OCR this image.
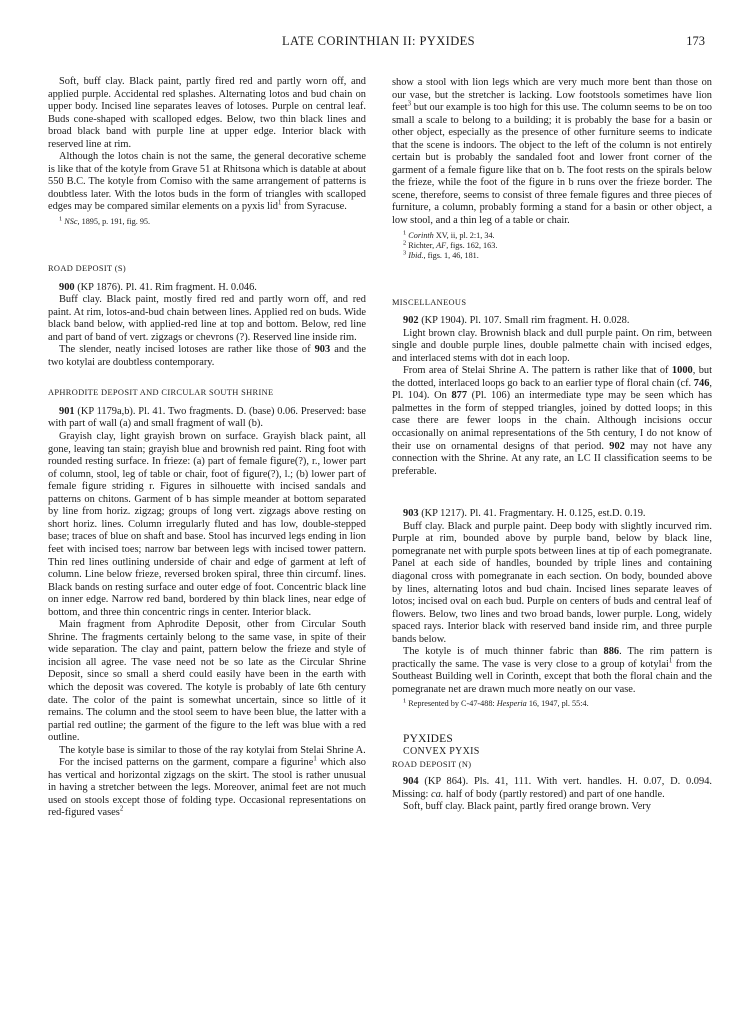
LATE CORINTHIAN II: PYXIDES	173

Soft, buff clay. Black paint, partly fired red and partly worn off, and applied purple. Accidental red splashes. Alternating lotos and bud chain on upper body. Incised line separates leaves of lotoses. Purple on central leaf. Buds cone-shaped with scalloped edges. Below, two thin black lines and broad black band with purple line at upper edge. Interior black with reserved line at rim.

Although the lotos chain is not the same, the general decorative scheme is like that of the kotyle from Grave 51 at Rhitsona which is datable at about 550 B.C. The kotyle from Comiso with the same arrangement of patterns is doubtless later. With the lotos buds in the form of triangles with scalloped edges may be compared similar elements on a pyxis lid$^1$ from Syracuse.

$^1$ NSc, 1895, p. 191, fig. 95.

ROAD DEPOSIT (S)

900 (KP 1876). Pl. 41. Rim fragment. H. 0.046.

Buff clay. Black paint, mostly fired red and partly worn off, and red paint. At rim, lotos-and-bud chain between lines. Applied red on buds. Wide black band below, with applied-red line at top and bottom. Below, red line and part of band of vert. zigzags or chevrons (?). Reserved line inside rim.

The slender, neatly incised lotoses are rather like those of 903 and the two kotylai are doubtless contemporary.

APHRODITE DEPOSIT AND CIRCULAR SOUTH SHRINE

901 (KP 1179a,b). Pl. 41. Two fragments. D. (base) 0.06. Preserved: base with part of wall (a) and small fragment of wall (b).

Grayish clay, light grayish brown on surface. Grayish black paint, all gone, leaving tan stain; grayish blue and brownish red paint. Ring foot with rounded resting surface. In frieze: (a) part of female figure(?), r., lower part of column, stool, leg of table or chair, foot of figure(?), l.; (b) lower part of female figure striding r. Figures in silhouette with incised sandals and patterns on chitons. Garment of b has simple meander at bottom separated by line from horiz. zigzag; groups of long vert. zigzags above resting on short horiz. lines. Column irregularly fluted and has low, double-stepped base; traces of blue on shaft and base. Stool has incurved legs ending in lion feet with incised toes; narrow bar between legs with incised tower pattern. Thin red lines outlining underside of chair and edge of garment at left of column. Line below frieze, reversed broken spiral, three thin circumf. lines. Black bands on resting surface and outer edge of foot. Concentric black line on inner edge. Narrow red band, bordered by thin black lines, near edge of bottom, and three thin concentric rings in center. Interior black.

Main fragment from Aphrodite Deposit, other from Circular South Shrine. The fragments certainly belong to the same vase, in spite of their wide separation. The clay and paint, pattern below the frieze and style of incision all agree. The vase need not be so late as the Circular Shrine Deposit, since so small a sherd could easily have been in the earth with which the deposit was covered. The kotyle is probably of late 6th century date. The color of the paint is somewhat uncertain, since so little of it remains. The column and the stool seem to have been blue, the latter with a partial red outline; the garment of the figure to the left was blue with a red outline.

The kotyle base is similar to those of the ray kotylai from Stelai Shrine A.

For the incised patterns on the garment, compare a figurine$^1$ which also has vertical and horizontal zigzags on the skirt. The stool is rather unusual in having a stretcher between the legs. Moreover, animal feet are not much used on stools except those of folding type. Occasional representations on red-figured vases$^2$

show a stool with lion legs which are very much more bent than those on our vase, but the stretcher is lacking. Low footstools sometimes have lion feet$^3$ but our example is too high for this use. The column seems to be on too small a scale to belong to a building; it is probably the base for a basin or other object, especially as the presence of other furniture seems to indicate that the scene is indoors. The object to the left of the column is not entirely certain but is probably the sandaled foot and lower front corner of the garment of a female figure like that on b. The foot rests on the spirals below the frieze, while the foot of the figure in b runs over the frieze border. The scene, therefore, seems to consist of three female figures and three pieces of furniture, a column, probably forming a stand for a basin or other object, a low stool, and a thin leg of a table or chair.

$^1$ Corinth XV, ii, pl. 2:1, 34.

$^2$ Richter, AF, figs. 162, 163.

$^3$ Ibid., figs. 1, 46, 181.

MISCELLANEOUS

902 (KP 1904). Pl. 107. Small rim fragment. H. 0.028.

Light brown clay. Brownish black and dull purple paint. On rim, between single and double purple lines, double palmette chain with incised edges, and interlaced stems with dot in each loop.

From area of Stelai Shrine A. The pattern is rather like that of 1000, but the dotted, interlaced loops go back to an earlier type of floral chain (cf. 746, Pl. 104). On 877 (Pl. 106) an intermediate type may be seen which has palmettes in the form of stepped triangles, joined by dotted loops; in this case there are fewer loops in the chain. Although incisions occur occasionally on animal representations of the 5th century, I do not know of their use on ornamental designs of that period. 902 may not have any connection with the Shrine. At any rate, an LC II classification seems to be preferable.

903 (KP 1217). Pl. 41. Fragmentary. H. 0.125, est.D. 0.19.

Buff clay. Black and purple paint. Deep body with slightly incurved rim. Purple at rim, bounded above by purple band, below by black line, pomegranate net with purple spots between lines at tip of each pomegranate. Panel at each side of handles, bounded by triple lines and containing diagonal cross with pomegranate in each section. On body, bounded above by lines, alternating lotos and bud chain. Incised lines separate leaves of lotos; incised oval on each bud. Purple on centers of buds and central leaf of flowers. Below, two lines and two broad bands, lower purple. Long, widely spaced rays. Interior black with reserved band inside rim, and three purple bands below.

The kotyle is of much thinner fabric than 886. The rim pattern is practically the same. The vase is very close to a group of kotylai$^1$ from the Southeast Building well in Corinth, except that both the floral chain and the pomegranate net are drawn much more neatly on our vase.

$^1$ Represented by C-47-488: Hesperia 16, 1947, pl. 55:4.

PYXIDES

CONVEX PYXIS

ROAD DEPOSIT (N)

904 (KP 864). Pls. 41, 111. With vert. handles. H. 0.07, D. 0.094. Missing: ca. half of body (partly restored) and part of one handle.

Soft, buff clay. Black paint, partly fired orange brown. Very
